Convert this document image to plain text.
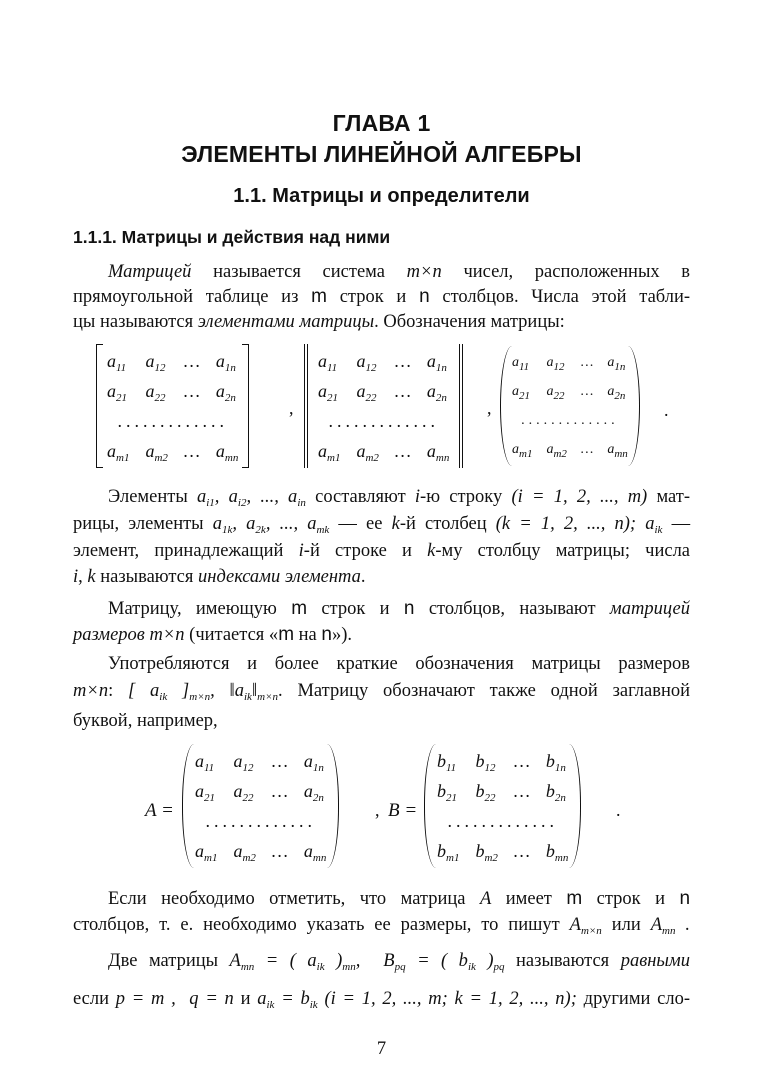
ГЛАВА 1
ЭЛЕМЕНТЫ ЛИНЕЙНОЙ АЛГЕБРЫ
1.1. Матрицы и определители
1.1.1. Матрицы и действия над ними
Матрицей называется система m×n чисел, расположенных в
прямоугольной таблице из m строк и n столбцов. Числа этой табли-
цы называются элементами матрицы. Обозначения матрицы:
$a_{11}$	$a_{12}$	…	$a_{1n}$
$a_{21}$	$a_{22}$	…	$a_{2n}$
.............			
$a_{m1}$	$a_{m2}$	…	$a_{mn}$
,
$a_{11}$	$a_{12}$	…	$a_{1n}$
$a_{21}$	$a_{22}$	…	$a_{2n}$
.............			
$a_{m1}$	$a_{m2}$	…	$a_{mn}$
,
$a_{11}$	$a_{12}$	…	$a_{1n}$
$a_{21}$	$a_{22}$	…	$a_{2n}$
.............			
$a_{m1}$	$a_{m2}$	…	$a_{mn}$
.
Элементы $a_{i1}$, $a_{i2}$, ..., $a_{in}$ составляют i-ю строку (i = 1, 2, ..., m) мат-
рицы, элементы $a_{1k}$, $a_{2k}$, ..., $a_{mk}$ — ее k-й столбец (k = 1, 2, ..., n); $a_{ik}$ —
элемент, принадлежащий i-й строке и k-му столбцу матрицы; числа
i, k называются индексами элемента.
Матрицу, имеющую m строк и n столбцов, называют матрицей
размеров m×n (читается «m на n»).
Употребляются и более краткие обозначения матрицы размеров
m×n: [ $a_{ik}$ ]$_{m\times n}$, $‖a_{ik}‖_{m\times n}$. Матрицу обозначают также одной заглавной
буквой, например,
A =
$a_{11}$	$a_{12}$	…	$a_{1n}$
$a_{21}$	$a_{22}$	…	$a_{2n}$
.............			
$a_{m1}$	$a_{m2}$	…	$a_{mn}$
, B =
$b_{11}$	$b_{12}$	…	$b_{1n}$
$b_{21}$	$b_{22}$	…	$b_{2n}$
.............			
$b_{m1}$	$b_{m2}$	…	$b_{mn}$
.
Если необходимо отметить, что матрица A имеет m строк и n
столбцов, т. е. необходимо указать ее размеры, то пишут $A_{m\times n}$ или $A_{mn}$ .
Две матрицы $A_{mn}$ = ( $a_{ik}$ )$_{mn}$,  $B_{pq}$ = ( $b_{ik}$ )$_{pq}$ называются равными
если p = m ,  q = n и $a_{ik} = b_{ik}$ (i = 1, 2, ..., m; k = 1, 2, ..., n); другими сло-
7
